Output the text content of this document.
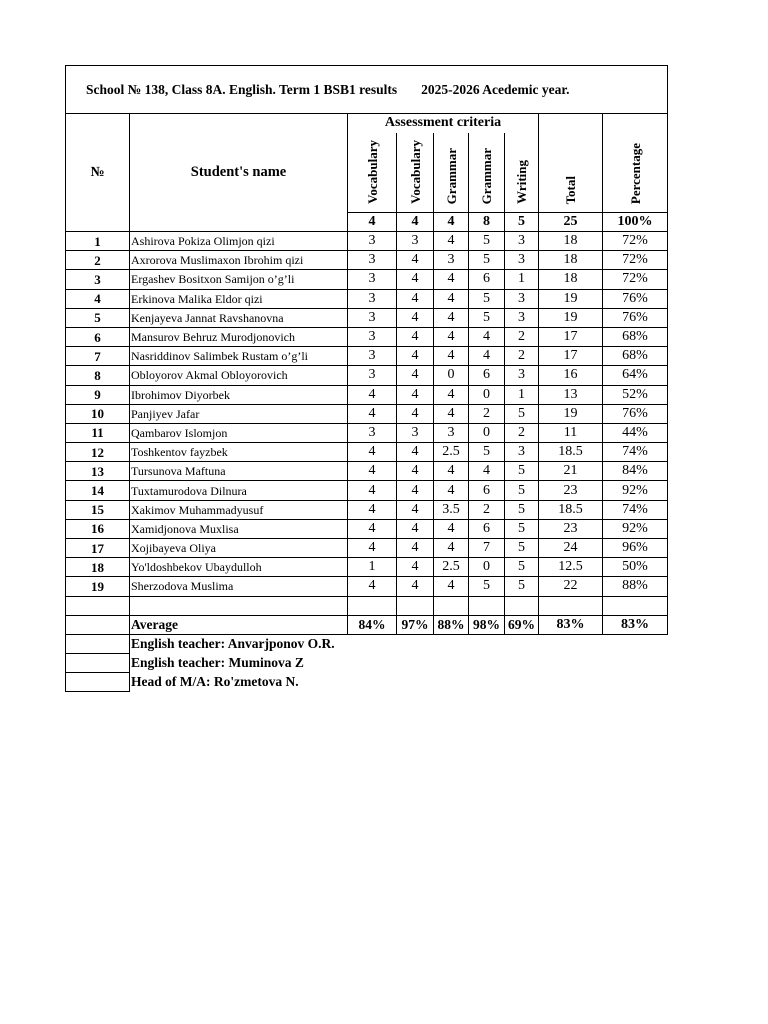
School № 138, Class 8A. English. Term 1 BSB1 results 2025-2026 Acedemic year.								
№	Student's name	Assessment criteria					Total	Percentage
		Vocabulary	Vocabulary	Grammar	Grammar	Writing		
		4	4	4	8	5	25	100%
1	Ashirova Pokiza Olimjon qizi	3	3	4	5	3	18	72%
2	Axrorova Muslimaxon Ibrohim qizi	3	4	3	5	3	18	72%
3	Ergashev Bositxon Samijon o’g’li	3	4	4	6	1	18	72%
4	Erkinova Malika Eldor qizi	3	4	4	5	3	19	76%
5	Kenjayeva Jannat Ravshanovna	3	4	4	5	3	19	76%
6	Mansurov Behruz Murodjonovich	3	4	4	4	2	17	68%
7	Nasriddinov Salimbek Rustam o’g’li	3	4	4	4	2	17	68%
8	Obloyorov Akmal Obloyorovich	3	4	0	6	3	16	64%
9	Ibrohimov Diyorbek	4	4	4	0	1	13	52%
10	Panjiyev Jafar	4	4	4	2	5	19	76%
11	Qambarov Islomjon	3	3	3	0	2	11	44%
12	Toshkentov fayzbek	4	4	2.5	5	3	18.5	74%
13	Tursunova Maftuna	4	4	4	4	5	21	84%
14	Tuxtamurodova Dilnura	4	4	4	6	5	23	92%
15	Xakimov Muhammadyusuf	4	4	3.5	2	5	18.5	74%
16	Xamidjonova Muxlisa	4	4	4	6	5	23	92%
17	Xojibayeva Oliya	4	4	4	7	5	24	96%
18	Yo'ldoshbekov Ubaydulloh	1	4	2.5	0	5	12.5	50%
19	Sherzodova Muslima	4	4	4	5	5	22	88%

	Average	84%	97%	88%	98%	69%	83%	83%
	English teacher: Anvarjponov O.R.							
	English teacher: Muminova Z							
	Head of M/A: Ro'zmetova N.							
